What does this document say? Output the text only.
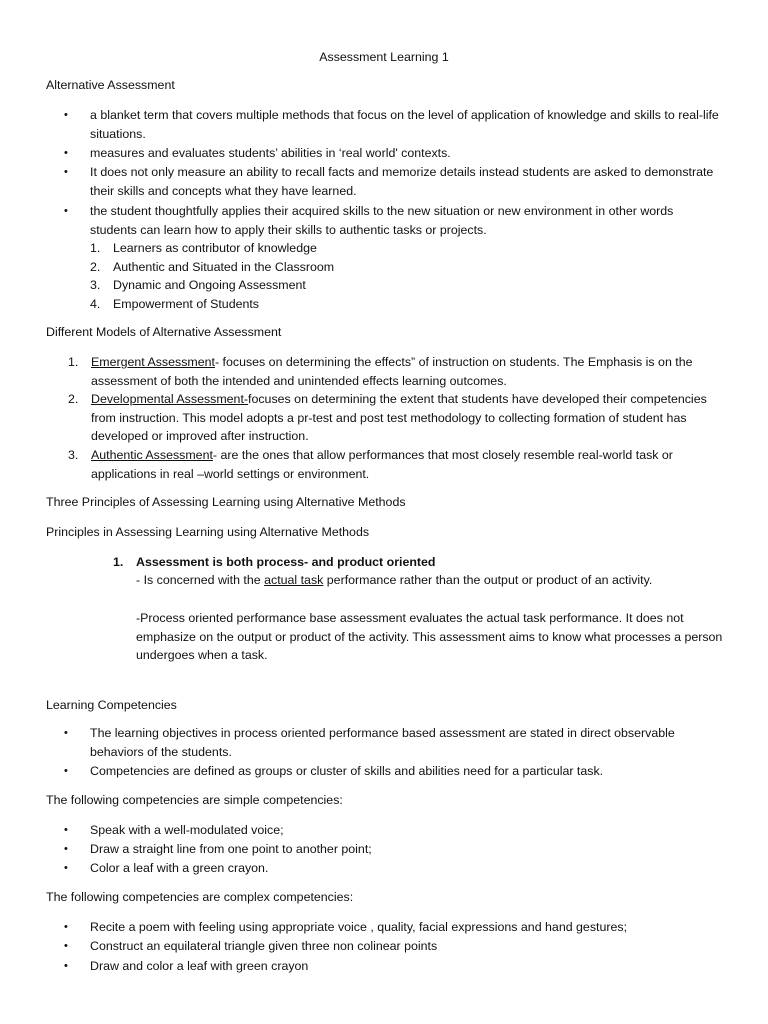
Assessment Learning 1
Alternative Assessment
• a blanket term that covers multiple methods that focus on the level of application of knowledge and skills to real-life situations.
• measures and evaluates students’ abilities in ‘real world' contexts.
• It does not only measure an ability to recall facts and memorize details instead students are asked to demonstrate their skills and concepts what they have learned.
• the student thoughtfully applies their acquired skills to the new situation or new environment in other words students can learn how to apply their skills to authentic tasks or projects.
1. Learners as contributor of knowledge
2. Authentic and Situated in the Classroom
3. Dynamic and Ongoing Assessment
4. Empowerment of Students
Different Models of Alternative Assessment
1. Emergent Assessment- focuses on determining the effects” of instruction on students. The Emphasis is on the assessment of both the intended and unintended effects learning outcomes.
2. Developmental Assessment-focuses on determining the extent that students have developed their competencies from instruction. This model adopts a pr-test and post test methodology to collecting formation of student has developed or improved after instruction.
3. Authentic Assessment- are the ones that allow performances that most closely resemble real-world task or applications in real –world settings or environment.
Three Principles of Assessing Learning using Alternative Methods
Principles in Assessing Learning using Alternative Methods
1. Assessment is both process- and product oriented
- Is concerned with the actual task performance rather than the output or product of an activity.
-Process oriented performance base assessment evaluates the actual task performance. It does not emphasize on the output or product of the activity. This assessment aims to know what processes a person undergoes when a task.
Learning Competencies
• The learning objectives in process oriented performance based assessment are stated in direct observable behaviors of the students.
• Competencies are defined as groups or cluster of skills and abilities need for a particular task.
The following competencies are simple competencies:
• Speak with a well-modulated voice;
• Draw a straight line from one point to another point;
• Color a leaf with a green crayon.
The following competencies are complex competencies:
• Recite a poem with feeling using appropriate voice , quality, facial expressions and hand gestures;
• Construct an equilateral triangle given three non colinear points
• Draw and color a leaf with green crayon
